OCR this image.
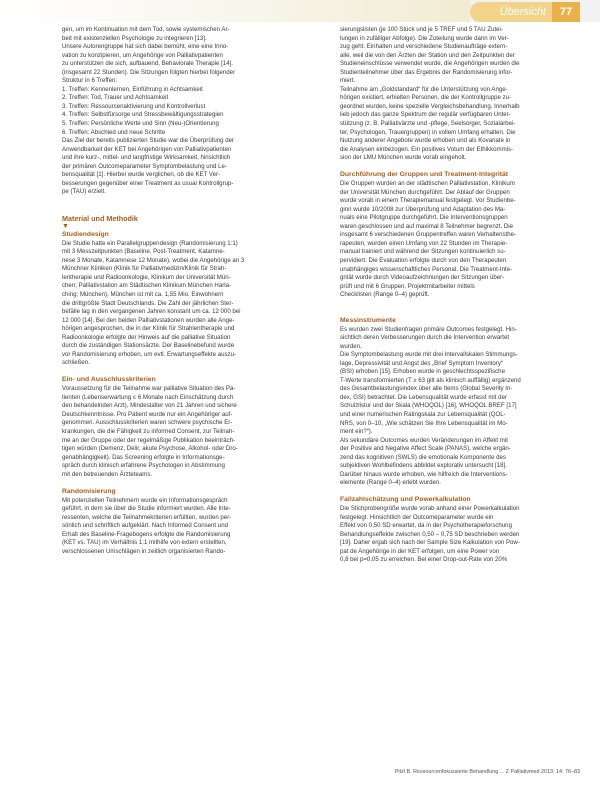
Übersicht	77

gen, um im Kontinuation mit dem Tod, sowie systemischen Ar-

beit mit existenziellen Psychologie zu integrieren [13].

Unsere Autorengruppe hat sich dabei bemüht, eine eine Inno-

vation zu konzipieren, um Angehörige von Palliativpatienten

zu unterstützen die sich, aufbauend, Behaviorale Therapie [14].

(insgesamt 22 Stunden). Die Sitzungen folgten hierbei folgender

Struktur in 6 Treffen:

1. Treffen: Kennenlernen, Einführung in Achtsamkeit

2. Treffen: Tod, Trauer und Achtsamkeit

3. Treffen: Ressourcenaktivierung und Kontrollverlust

4. Treffen: Selbstfürsorge und Stressbewältigungsstrategien

5. Treffen: Persönliche Werte und Sinn (Neu-)Orientierung

6. Treffen: Abschied und neue Schritte

Das Ziel der bereits publizierten Studie war die Überprüfung der

Anwendbarkeit der KET bei Angehörigen von Palliativpatienten

und ihre kurz-, mittel- und langfristige Wirksamkeit, hinsichtlich

der primären Outcomeparameter Symptombelastung und Le-

bensqualität [1]. Hierbei wurde verglichen, ob die KET Ver-

besserungen gegenüber einer Treatment as usual Kontrollgrup-

pe (TAU) erzielt.

Material und Methodik
▼
Studiendesign

Die Studie hatte ein Parallelgruppendesign (Randomisierung 1:1)

mit 3 Messzeitpunkten (Baseline, Post-Treatment, Katamne-

nese 3 Monate, Katamnese 12 Monate), wobei die Angehörige an 3

Münchner Kliniken (Klinik für Palliativmedizin/Klinik für Strah-

lentherapie und Radioonkologie, Klinikum der Universität Mün-

chen; Palliativstation am Städtischen Klinikum München Harla-

ching; München), München ist mit ca. 1,55 Mio. Einwohnern

die drittgrößte Stadt Deutschlands. Die Zahl der jährlichen Ster-

befälle lag in den vergangenen Jahren konstant um ca. 12 000 bei

12 000 [14]. Bei den beiden Palliativstationen wurden alle Ange-

hörigen angesprochen, die in der Klinik für Strahlentherapie und

Radioonkologie erfolgte der Hinweis auf die palliative Situation

durch die zuständigen Stationsärzte. Der Baselinebefund wurde

vor Randomisierung erhoben, um evtl. Erwartungseffekte auszu-

schließen.

Ein- und Ausschlusskriterien

Voraussetzung für die Teilnahme war palliative Situation des Pa-

tienten (Lebenserwartung ≤ 6 Monate nach Einschätzung durch

den behandelnden Arzt), Mindestalter von 21 Jahren und sichere

Deutschkenntnisse. Pro Patient wurde nur ein Angehöriger auf-

genommen. Ausschlusskriterien waren schwere psychische Er-

krankungen, die die Fähigkeit zu informed Consent, zur Teilnah-

me an der Gruppe oder der regelmäßige Publikation beeinträch-

tigen würden (Demenz, Delir, akute Psychose, Alkohol- oder Dro-

genabhängigkeit). Das Screening erfolgte in Informationsge-

spräch durch klinisch erfahrene Psychologen in Abstimmung

mit den betreuenden Ärzteteams.

Randomisierung

Mit potenziellen Teilnehmern wurde ein Informationsgespräch

geführt, in dem sie über die Studie informiert wurden. Alle Inte-

ressenten, welche die Teilnahmekriterien erfüllten, wurden per-

sönlich und schriftlich aufgeklärt. Nach Informed Consent und

Erhalt des Baseline-Fragebogens erfolgte die Randomisierung

(KET vs. TAU) im Verhältnis 1:1 mithilfe von extern erstellten,

verschlossenen Umschlägen in zeitlich organisierten Rando-

sierungslisten (je 100 Stück und je 5 TREF und 5 TAU Zutei-

lungen in zufälliger Abfolge). Die Zuteilung wurde dann im Ver-

zug geht. Einhalten und verschiedene Studienaufträge extern-

alle, weil die von den Ärzten der Station und den Zeitpunkten der

Studieneinschlüsse verwendet wurde, die Angehörigen wurden die

Studienteilnehmer über das Ergebnis der Randomisierung infor-

miert.

Teilnahme am „Goldstandard“ für die Unterstützung von Ange-

hörigen existiert, erhielten Personen, die der Kontrollgruppe zu-

geordnet wurden, keine spezielle Vergleichsbehandlung. Innerhalb

lieb jedoch das ganze Spektrum der regulär verfügbaren Unter-

stützung (z. B. Palliativärzte und -pflege, Seelsorger, Sozialarbei-

ter, Psychologen, Trauergruppen) in vollem Umfang erhalten. Die

Nutzung anderer Angebote wurde erhoben und als Kovariate in

die Analysen einbezogen. Ein positives Votum der Ethikkommis-

sion der LMU München wurde vorab eingeholt.

Durchführung der Gruppen und Treatment-Integrität

Die Gruppen wurden an der städtischen Palliativstation, Klinikum

der Universität München durchgeführt. Der Ablauf der Gruppen

wurde vorab in einem Therapiemanual festgelegt. Vor Studienbe-

ginn wurde 10/2008 zur Überprüfung und Adaptation des Ma-

nuals eine Pilotgruppe durchgeführt. Die Interventionsgruppen

waren geschlossen und auf maximal 8 Teilnehmer begrenzt. Die

insgesamt 6 verschiedenen Gruppentreffen waren Verhaltensthe-

rapeuten, wurden einen Umfang von 22 Stunden im Therapie-

manual trainiert und während der Sitzungen kontinuierlich su-

pervidiert. Die Evaluation erfolgte durch von den Therapeuten

unabhängiges wissenschaftliches Personal. Die Treatment-Inte-

grität wurde durch Videoaufzeichnungen der Sitzungen über-

prüft und mit 6 Gruppen, Projektmitarbeiter mittels

Checklisten (Range 0–4) geprüft.

Messinstrumente

Es wurden zwei Studienfragen primäre Outcomes festgelegt. Hin-

sichtlich deren Verbesserungen durch die Intervention erwartet

wurden.

Die Symptombelastung wurde mit drei Intervallskalen Stimmungs-

lage, Depressivität und Angst des „Brief Symptom Inventory“

(BSI) erhoben [15]. Erhoben wurde in geschlechtsspezifische

T-Werte transformierten (T ≥ 63 gilt als klinisch auffällig) ergänzend

des Gesamtbelastungsindex über alle Items (Global Severity In-

dex, GSI) betrachtet. Die Lebensqualität wurde erfasst mit der

Schulzlistur und der Skala (WHOQOL) [16], WHOQOL BREF [17]

und einer numerischen Ratingskala zur Lebensqualität (QOL-

NRS, von 0–10, „Wie schätzen Sie Ihre Lebensqualität im Mo-

ment ein?“).

Als sekundäre Outcomes wurden Veränderungen im Affekt mit

der Positive and Negative Affect Scale (PANAS), welche ergän-

zend das kognitiven (SWLS) die emotionale Komponente des

subjektiven Wohlbefindens abbildet explorativ untersucht [18].

Darüber hinaus wurde erhoben, wie hilfreich die Interventions-

elemente (Range 0–4) erlebt wurden.

Fallzahlschätzung und Powerkalkulation

Die Stichprobengröße wurde vorab anhand einer Powerkalkulation

festgelegt. Hinsichtlich der Outcomeparameter wurde ein

Effekt von 0,50 SD erwartet, da in der Psychotherapieforschung

Behandlungseffekte zwischen 0,50 – 0,75 SD beschrieben werden

[19]. Daher ergab sich nach der Sample Size Kalkulation von Pow-

pat de Angehörige in der KET erfolgen, um eine Power von

0,8 bei p=0,05 zu erreichen. Bei einer Drop-out-Rate von 20%

Pitzl B. Ressourcenfokussierte Behandlung ... Z Palliativmed 2013; 14: 76–83
